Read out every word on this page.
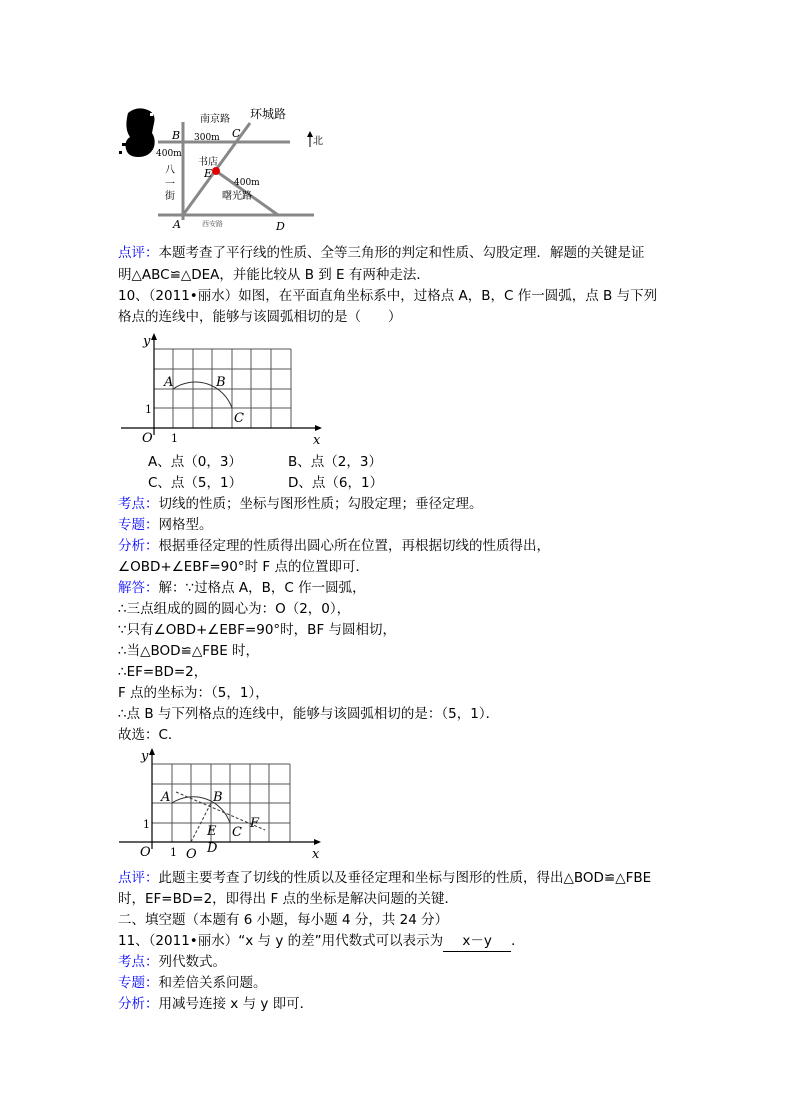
北
南京路 环城路
B 300m C
400m
八
一
街
书店
E
400m
曙光路
A	西安路	D
点评：本题考查了平行线的性质、全等三角形的判定和性质、勾股定理．解题的关键是证
明△ABC≌△DEA，并能比较从 B 到 E 有两种走法．
10、（2011•丽水）如图，在平面直角坐标系中，过格点 A，B，C 作一圆弧，点 B 与下列
格点的连线中，能够与该圆弧相切的是（　　）
y
x
O 1
1
A	B
C
A、点（0，3）	B、点（2，3）
C、点（5，1）	D、点（6，1）
考点：切线的性质；坐标与图形性质；勾股定理；垂径定理。
专题：网格型。
分析：根据垂径定理的性质得出圆心所在位置，再根据切线的性质得出，
∠OBD+∠EBF=90°时 F 点的位置即可．
解答：解：∵过格点 A，B，C 作一圆弧，
∴三点组成的圆的圆心为：O（2，0），
∵只有∠OBD+∠EBF=90°时，BF 与圆相切，
∴当△BOD≌△FBE 时，
∴EF=BD=2，
F 点的坐标为：（5，1），
∴点 B 与下列格点的连线中，能够与该圆弧相切的是：（5，1）．
故选：C．
y
x
O 1
1
O
A	B
C
D
E
F
点评：此题主要考查了切线的性质以及垂径定理和坐标与图形的性质，得出△BOD≌△FBE
时，EF=BD=2，即得出 F 点的坐标是解决问题的关键．
二、填空题（本题有 6 小题，每小题 4 分，共 24 分）
11、（2011•丽水）“x 与 y 的差”用代数式可以表示为 x－y ．
考点：列代数式。
专题：和差倍关系问题。
分析：用减号连接 x 与 y 即可．
